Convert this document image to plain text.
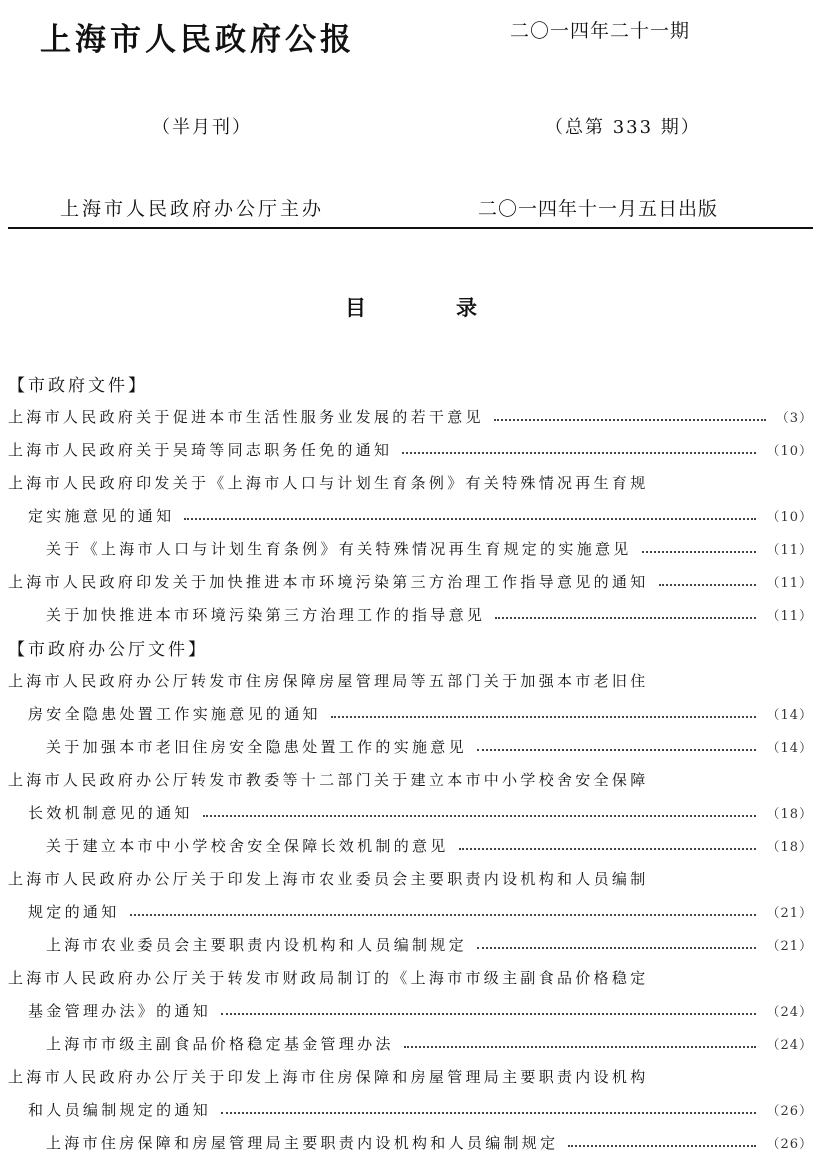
上海市人民政府公报	二〇一四年二十一期
（半月刊）	（总第 333 期）
上海市人民政府办公厅主办	二〇一四年十一月五日出版
目	录
【市政府文件】
上海市人民政府关于促进本市生活性服务业发展的若干意见	（3）
上海市人民政府关于吴琦等同志职务任免的通知	（10）
上海市人民政府印发关于《上海市人口与计划生育条例》有关特殊情况再生育规
定实施意见的通知	（10）
关于《上海市人口与计划生育条例》有关特殊情况再生育规定的实施意见	（11）
上海市人民政府印发关于加快推进本市环境污染第三方治理工作指导意见的通知	（11）
关于加快推进本市环境污染第三方治理工作的指导意见	（11）
【市政府办公厅文件】
上海市人民政府办公厅转发市住房保障房屋管理局等五部门关于加强本市老旧住
房安全隐患处置工作实施意见的通知	（14）
关于加强本市老旧住房安全隐患处置工作的实施意见	（14）
上海市人民政府办公厅转发市教委等十二部门关于建立本市中小学校舍安全保障
长效机制意见的通知	（18）
关于建立本市中小学校舍安全保障长效机制的意见	（18）
上海市人民政府办公厅关于印发上海市农业委员会主要职责内设机构和人员编制
规定的通知	（21）
上海市农业委员会主要职责内设机构和人员编制规定	（21）
上海市人民政府办公厅关于转发市财政局制订的《上海市市级主副食品价格稳定
基金管理办法》的通知	（24）
上海市市级主副食品价格稳定基金管理办法	（24）
上海市人民政府办公厅关于印发上海市住房保障和房屋管理局主要职责内设机构
和人员编制规定的通知	（26）
上海市住房保障和房屋管理局主要职责内设机构和人员编制规定	（26）
